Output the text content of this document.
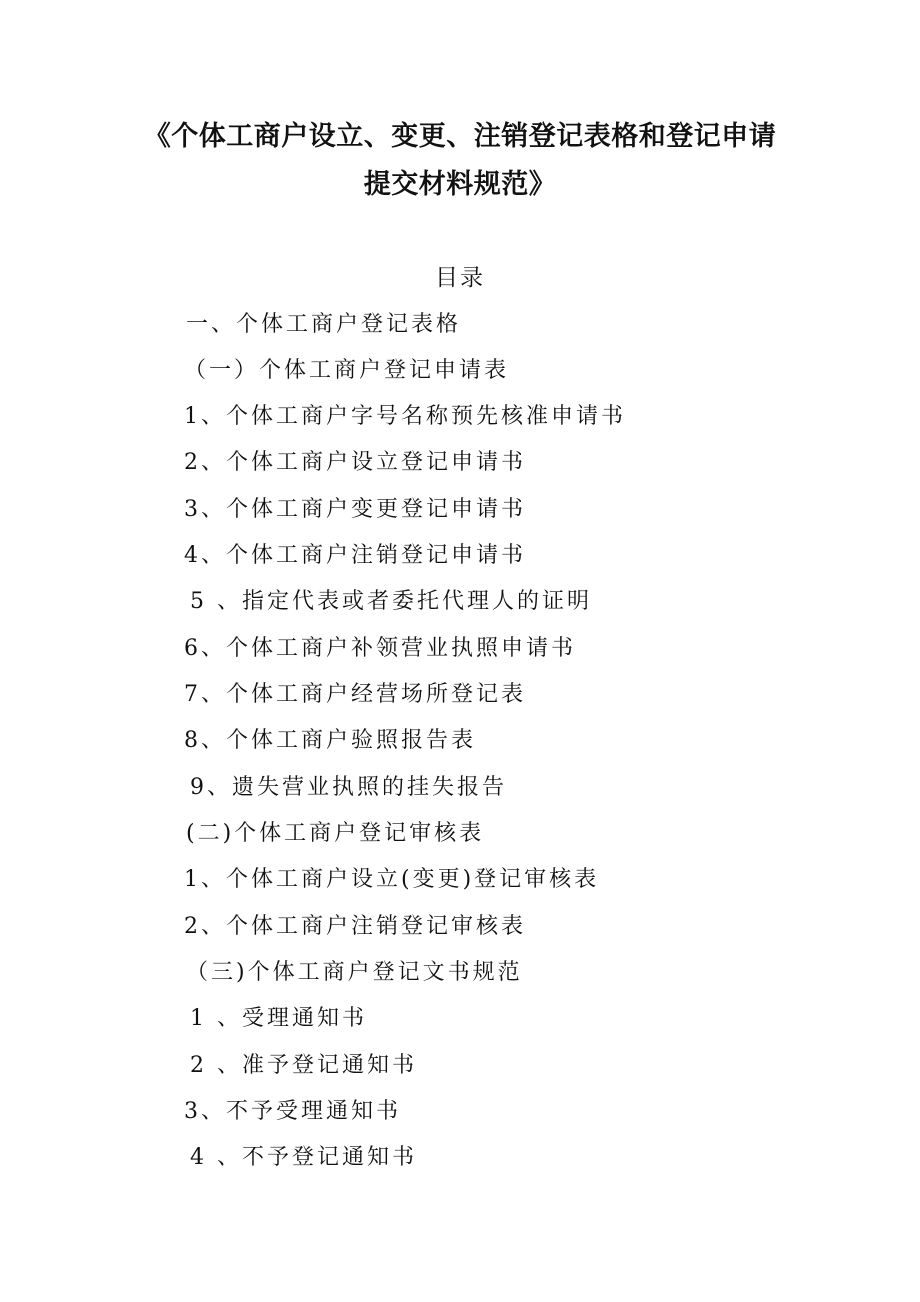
《个体工商户设立、变更、注销登记表格和登记申请
提交材料规范》
目录
一、个体工商户登记表格
（一）个体工商户登记申请表
1、个体工商户字号名称预先核准申请书
2、个体工商户设立登记申请书
3、个体工商户变更登记申请书
4、个体工商户注销登记申请书
5 、指定代表或者委托代理人的证明
6、个体工商户补领营业执照申请书
7、个体工商户经营场所登记表
8、个体工商户验照报告表
9、遗失营业执照的挂失报告
(二)个体工商户登记审核表
1、个体工商户设立(变更)登记审核表
2、个体工商户注销登记审核表
（三)个体工商户登记文书规范
1 、受理通知书
2 、准予登记通知书
3、不予受理通知书
4 、不予登记通知书
